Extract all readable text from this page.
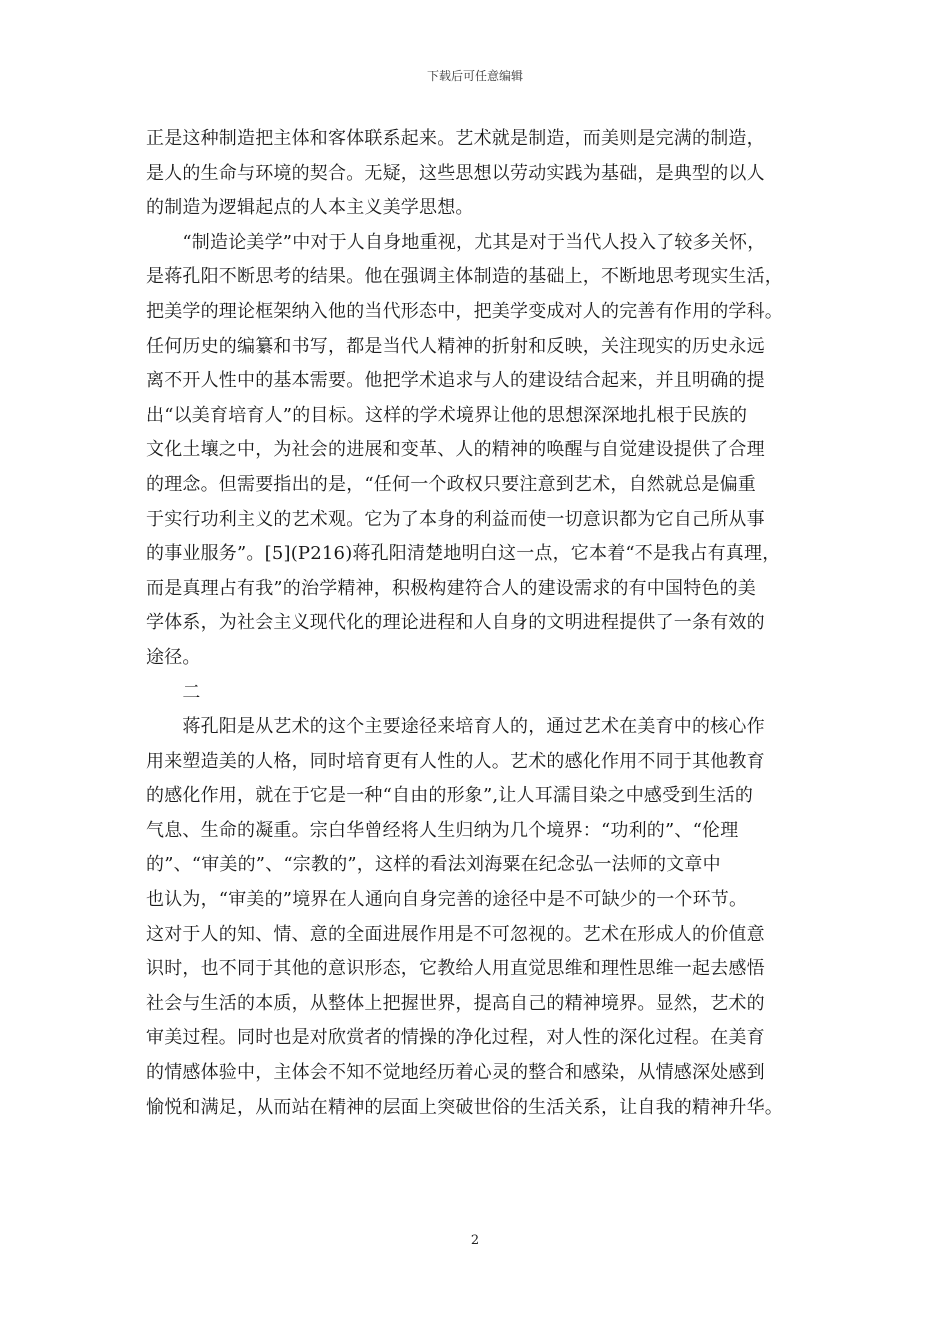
下载后可任意编辑
正是这种制造把主体和客体联系起来。艺术就是制造，而美则是完满的制造，
是人的生命与环境的契合。无疑，这些思想以劳动实践为基础，是典型的以人
的制造为逻辑起点的人本主义美学思想。
　　“制造论美学”中对于人自身地重视，尤其是对于当代人投入了较多关怀，
是蒋孔阳不断思考的结果。他在强调主体制造的基础上，不断地思考现实生活，
把美学的理论框架纳入他的当代形态中，把美学变成对人的完善有作用的学科。
任何历史的编纂和书写，都是当代人精神的折射和反映，关注现实的历史永远
离不开人性中的基本需要。他把学术追求与人的建设结合起来，并且明确的提
出“以美育培育人”的目标。这样的学术境界让他的思想深深地扎根于民族的
文化土壤之中，为社会的进展和变革、人的精神的唤醒与自觉建设提供了合理
的理念。但需要指出的是，“任何一个政权只要注意到艺术，自然就总是偏重
于实行功利主义的艺术观。它为了本身的利益而使一切意识都为它自己所从事
的事业服务”。[5](P216)蒋孔阳清楚地明白这一点，它本着“不是我占有真理，
而是真理占有我”的治学精神，积极构建符合人的建设需求的有中国特色的美
学体系，为社会主义现代化的理论进程和人自身的文明进程提供了一条有效的
途径。
　　二
　　蒋孔阳是从艺术的这个主要途径来培育人的，通过艺术在美育中的核心作
用来塑造美的人格，同时培育更有人性的人。艺术的感化作用不同于其他教育
的感化作用，就在于它是一种“自由的形象”,让人耳濡目染之中感受到生活的
气息、生命的凝重。宗白华曾经将人生归纳为几个境界：“功利的”、“伦理
的”、“审美的”、“宗教的”，这样的看法刘海粟在纪念弘一法师的文章中
也认为，“审美的”境界在人通向自身完善的途径中是不可缺少的一个环节。
这对于人的知、情、意的全面进展作用是不可忽视的。艺术在形成人的价值意
识时，也不同于其他的意识形态，它教给人用直觉思维和理性思维一起去感悟
社会与生活的本质，从整体上把握世界，提高自己的精神境界。显然，艺术的
审美过程。同时也是对欣赏者的情操的净化过程，对人性的深化过程。在美育
的情感体验中，主体会不知不觉地经历着心灵的整合和感染，从情感深处感到
愉悦和满足，从而站在精神的层面上突破世俗的生活关系，让自我的精神升华。
2
